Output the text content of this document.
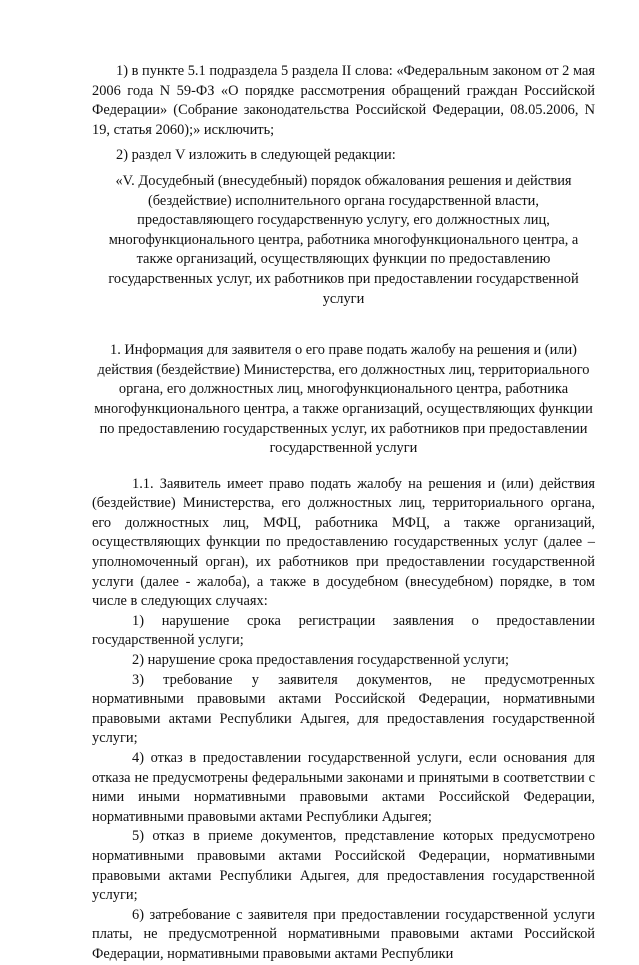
1) в пункте 5.1 подраздела 5 раздела II слова: «Федеральным законом от 2 мая 2006 года N 59-ФЗ «О порядке рассмотрения обращений граждан Российской Федерации» (Собрание законодательства Российской Федерации, 08.05.2006, N 19, статья 2060);» исключить;

2) раздел V изложить в следующей редакции:

«V. Досудебный (внесудебный) порядок обжалования решения и действия (бездействие) исполнительного органа государственной власти, предоставляющего государственную услугу, его должностных лиц, многофункционального центра, работника многофункционального центра, а также организаций, осуществляющих функции по предоставлению государственных услуг, их работников при предоставлении государственной услуги

1. Информация для заявителя о его праве подать жалобу на решения и (или) действия (бездействие) Министерства, его должностных лиц, территориального органа, его должностных лиц, многофункционального центра, работника многофункционального центра, а также организаций, осуществляющих функции по предоставлению государственных услуг, их работников при предоставлении государственной услуги

1.1. Заявитель имеет право подать жалобу на решения и (или) действия (бездействие) Министерства, его должностных лиц, территориального органа, его должностных лиц, МФЦ, работника МФЦ, а также организаций, осуществляющих функции по предоставлению государственных услуг (далее – уполномоченный орган), их работников при предоставлении государственной услуги (далее - жалоба), а также в досудебном (внесудебном) порядке, в том числе в следующих случаях:

1) нарушение срока регистрации заявления о предоставлении государственной услуги;

2) нарушение срока предоставления государственной услуги;

3) требование у заявителя документов, не предусмотренных нормативными правовыми актами Российской Федерации, нормативными правовыми актами Республики Адыгея, для предоставления государственной услуги;

4) отказ в предоставлении государственной услуги, если основания для отказа не предусмотрены федеральными законами и принятыми в соответствии с ними иными нормативными правовыми актами Российской Федерации, нормативными правовыми актами Республики Адыгея;

5) отказ в приеме документов, представление которых предусмотрено нормативными правовыми актами Российской Федерации, нормативными правовыми актами Республики Адыгея, для предоставления государственной услуги;

6) затребование с заявителя при предоставлении государственной услуги платы, не предусмотренной нормативными правовыми актами Российской Федерации, нормативными правовыми актами Республики
